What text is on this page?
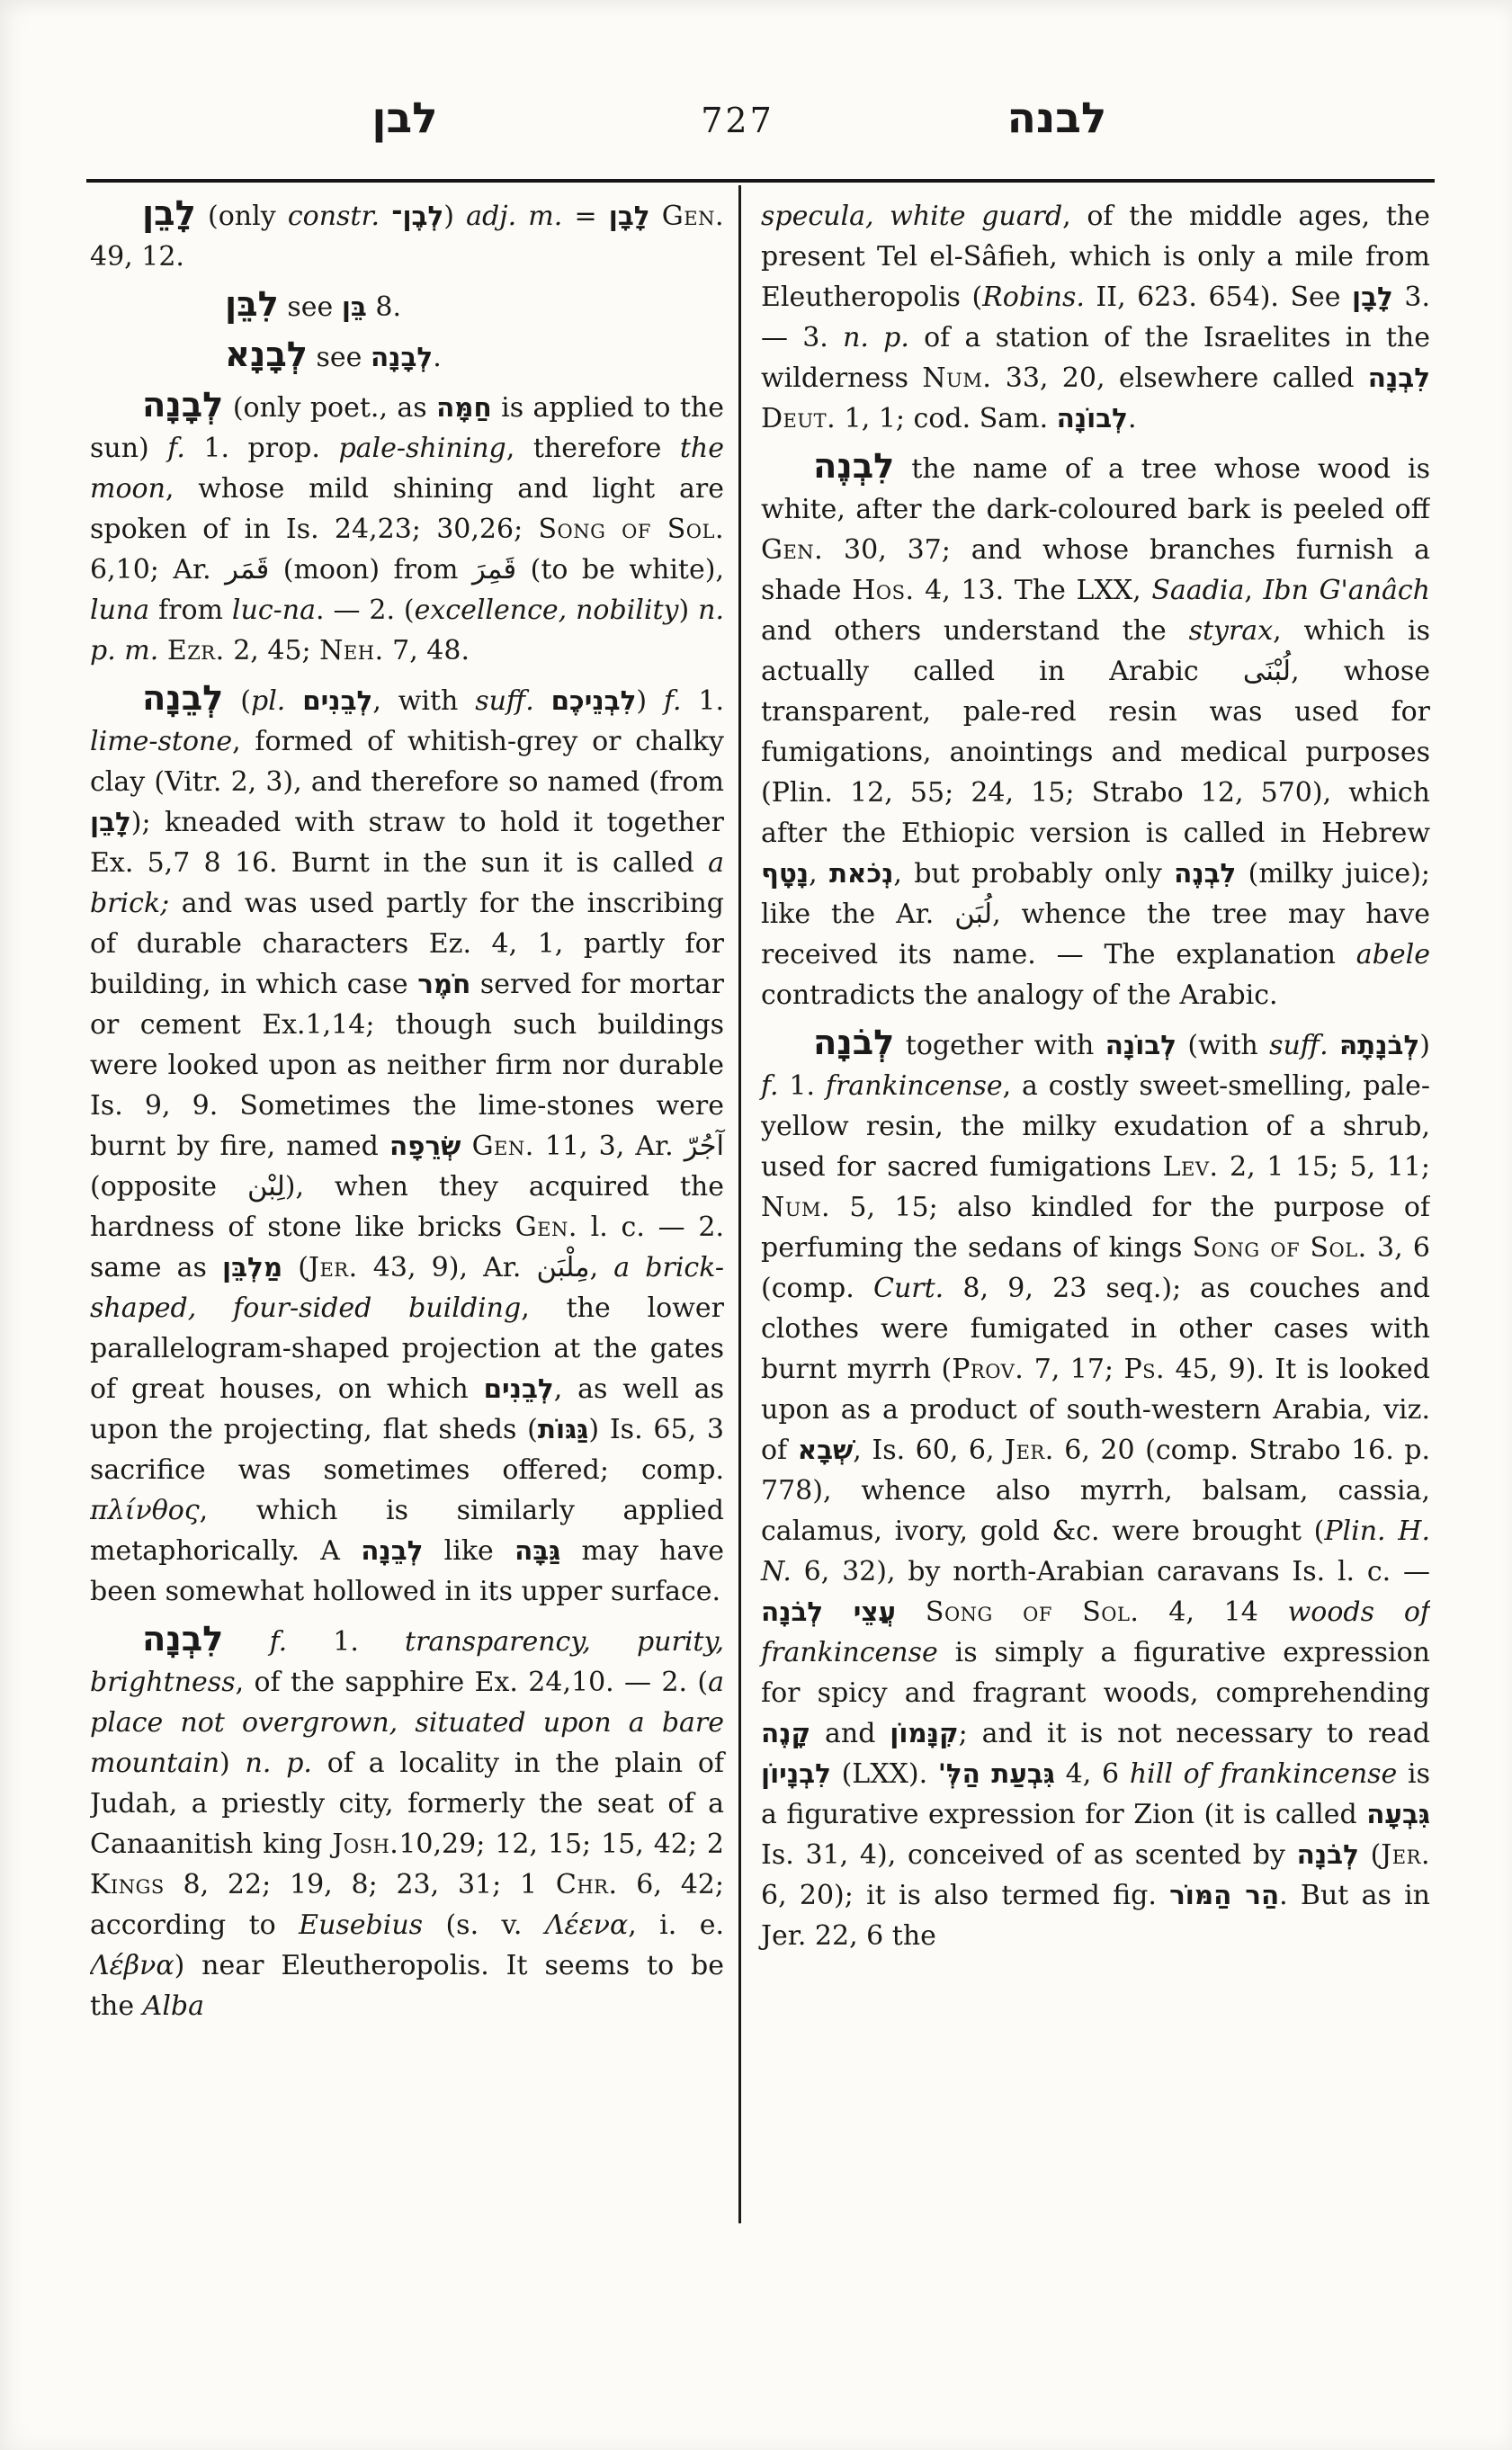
לבן	727	לבנה

לָבֵן (only constr. לְבֶן־) adj. m. = לָבָן Gen. 49, 12.

לִבֵּן see בֵּן 8.

לְבָנָא see לְבָנָה.

לְבָנָה (only poet., as חַמָּה is applied to the sun) f. 1. prop. pale-shining, therefore the moon, whose mild shining and light are spoken of in Is. 24,23; 30,26; Song of Sol. 6,10; Ar. قَمَر (moon) from قَمِرَ (to be white), luna from luc-na. — 2. (excellence, nobility) n. p. m. Ezr. 2, 45; Neh. 7, 48.

לְבֵנָה (pl. לְבֵנִים, with suff. לִבְנֵיכֶם) f. 1. lime-stone, formed of whitish-grey or chalky clay (Vitr. 2, 3), and therefore so named (from לָבֵן); kneaded with straw to hold it together Ex. 5,7 8 16. Burnt in the sun it is called a brick; and was used partly for the inscribing of durable characters Ez. 4, 1, partly for building, in which case חֹמֶר served for mortar or cement Ex.1,14; though such buildings were looked upon as neither firm nor durable Is. 9, 9. Sometimes the lime-stones were burnt by fire, named שְׂרֵפָה Gen. 11, 3, Ar. آجُرّ (opposite لِبْن), when they acquired the hardness of stone like bricks Gen. l. c. — 2. same as מַלְבֵּן (Jer. 43, 9), Ar. مِلْبَن, a brick-shaped, four-sided building, the lower parallelogram-shaped projection at the gates of great houses, on which לְבֵנִים, as well as upon the projecting, flat sheds (גַּגּוֹת) Is. 65, 3 sacrifice was sometimes offered; comp. πλίνθος, which is similarly applied metaphorically. A לְבֵנָה like גַּבָּה may have been somewhat hollowed in its upper surface.

לִבְנָה f. 1. transparency, purity, brightness, of the sapphire Ex. 24,10. — 2. (a place not overgrown, situated upon a bare mountain) n. p. of a locality in the plain of Judah, a priestly city, formerly the seat of a Canaanitish king Josh.10,29; 12, 15; 15, 42; 2 Kings 8, 22; 19, 8; 23, 31; 1 Chr. 6, 42; according to Eusebius (s. v. Λέενα, i. e. Λέβνα) near Eleutheropolis. It seems to be the Alba

specula, white guard, of the middle ages, the present Tel el-Sâfieh, which is only a mile from Eleutheropolis (Robins. II, 623. 654). See לָבָן 3. — 3. n. p. of a station of the Israelites in the wilderness Num. 33, 20, elsewhere called לִבְנָה Deut. 1, 1; cod. Sam. לְבוֹנָה.

לִבְנֶה the name of a tree whose wood is white, after the dark-coloured bark is peeled off Gen. 30, 37; and whose branches furnish a shade Hos. 4, 13. The LXX, Saadia, Ibn G'anâch and others understand the styrax, which is actually called in Arabic لُبْنَى, whose transparent, pale-red resin was used for fumigations, anointings and medical purposes (Plin. 12, 55; 24, 15; Strabo 12, 570), which after the Ethiopic version is called in Hebrew נָטָף, נְכֹאת, but probably only לִבְנֶה (milky juice); like the Ar. لُبَن, whence the tree may have received its name. — The explanation abele contradicts the analogy of the Arabic.

לְבֹנָה together with לְבוֹנָה (with suff. לְבֹנָתָהּ) f. 1. frankincense, a costly sweet-smelling, pale-yellow resin, the milky exudation of a shrub, used for sacred fumigations Lev. 2, 1 15; 5, 11; Num. 5, 15; also kindled for the purpose of perfuming the sedans of kings Song of Sol. 3, 6 (comp. Curt. 8, 9, 23 seq.); as couches and clothes were fumigated in other cases with burnt myrrh (Prov. 7, 17; Ps. 45, 9). It is looked upon as a product of south-western Arabia, viz. of שְׁבָא, Is. 60, 6, Jer. 6, 20 (comp. Strabo 16. p. 778), whence also myrrh, balsam, cassia, calamus, ivory, gold &c. were brought (Plin. H. N. 6, 32), by north-Arabian caravans Is. l. c. — עֲצֵי לְבֹנָה Song of Sol. 4, 14 woods of frankincense is simply a figurative expression for spicy and fragrant woods, comprehending קָנֶה and קִנָּמוֹן; and it is not necessary to read לִבְנָיוֹן (LXX). גִּבְעַת הַלְּ' 4, 6 hill of frankincense is a figurative expression for Zion (it is called גִּבְעָה Is. 31, 4), conceived of as scented by לְבֹנָה (Jer. 6, 20); it is also termed fig. הַר הַמּוֹר. But as in Jer. 22, 6 the
